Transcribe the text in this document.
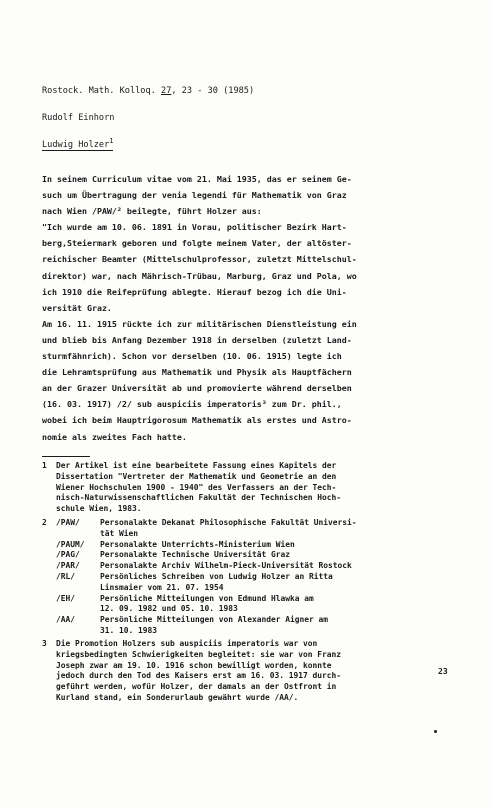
Rostock. Math. Kolloq. 27, 23 - 30 (1985)
Rudolf Einhorn
Ludwig Holzer$^1$
In seinem Curriculum vitae vom 21. Mai 1935, das er seinem Ge-
such um Übertragung der venia legendi für Mathematik von Graz
nach Wien /PAW/² beilegte, führt Holzer aus:
"Ich wurde am 10. 06. 1891 in Vorau, politischer Bezirk Hart-
berg,Steiermark geboren und folgte meinem Vater, der altöster-
reichischer Beamter (Mittelschulprofessor, zuletzt Mittelschul-
direktor) war, nach Mährisch-Trübau, Marburg, Graz und Pola, wo
ich 1910 die Reifeprüfung ablegte. Hierauf bezog ich die Uni-
versität Graz.
Am 16. 11. 1915 rückte ich zur militärischen Dienstleistung ein
und blieb bis Anfang Dezember 1918 in derselben (zuletzt Land-
sturmfähnrich). Schon vor derselben (10. 06. 1915) legte ich
die Lehramtsprüfung aus Mathematik und Physik als Hauptfächern
an der Grazer Universität ab und promovierte während derselben
(16. 03. 1917) /2/ sub auspiciis imperatoris³ zum Dr. phil.,
wobei ich beim Hauptrigorosum Mathematik als erstes und Astro-
nomie als zweites Fach hatte.
1	Der Artikel ist eine bearbeitete Fassung eines Kapitels der
Dissertation "Vertreter der Mathematik und Geometrie an den
Wiener Hochschulen 1900 - 1940" des Verfassers an der Tech-
nisch-Naturwissenschaftlichen Fakultät der Technischen Hoch-
schule Wien, 1983.
2	/PAW/	Personalakte Dekanat Philosophische Fakultät Universi-
tät Wien
/PAUM/	Personalakte Unterrichts-Ministerium Wien
/PAG/	Personalakte Technische Universität Graz
/PAR/	Personalakte Archiv Wilhelm-Pieck-Universität Rostock
/RL/	Persönliches Schreiben von Ludwig Holzer an Ritta
Linsmaier vom 21. 07. 1954
/EH/	Persönliche Mitteilungen von Edmund Hlawka am
12. 09. 1982 und 05. 10. 1983
/AA/	Persönliche Mitteilungen von Alexander Aigner am
31. 10. 1983
3	Die Promotion Holzers sub auspiciis imperatoris war von
kriegsbedingten Schwierigkeiten begleitet: sie war von Franz
Joseph zwar am 19. 10. 1916 schon bewilligt worden, konnte
jedoch durch den Tod des Kaisers erst am 16. 03. 1917 durch-
geführt werden, wofür Holzer, der damals an der Ostfront in
Kurland stand, ein Sonderurlaub gewährt wurde /AA/.
23
